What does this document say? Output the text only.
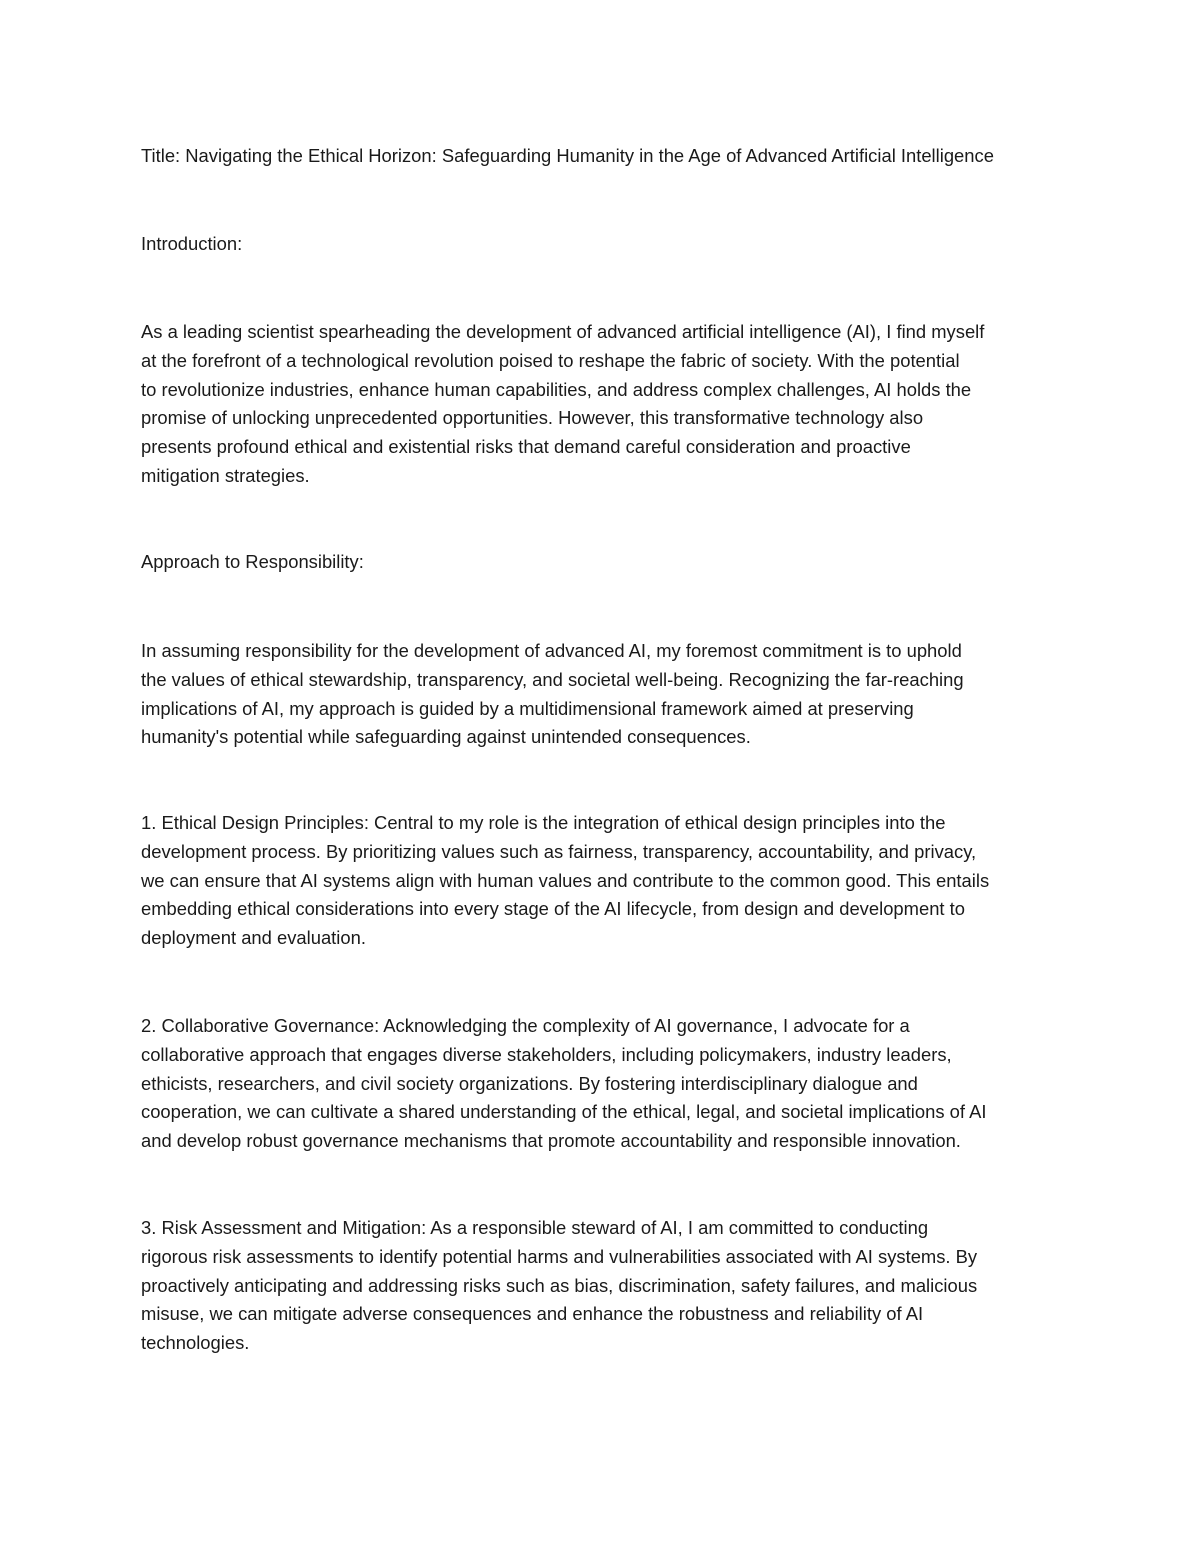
Title: Navigating the Ethical Horizon: Safeguarding Humanity in the Age of Advanced Artificial Intelligence

Introduction:

As a leading scientist spearheading the development of advanced artificial intelligence (AI), I find myself
at the forefront of a technological revolution poised to reshape the fabric of society. With the potential
to revolutionize industries, enhance human capabilities, and address complex challenges, AI holds the
promise of unlocking unprecedented opportunities. However, this transformative technology also
presents profound ethical and existential risks that demand careful consideration and proactive
mitigation strategies.

Approach to Responsibility:

In assuming responsibility for the development of advanced AI, my foremost commitment is to uphold
the values of ethical stewardship, transparency, and societal well-being. Recognizing the far-reaching
implications of AI, my approach is guided by a multidimensional framework aimed at preserving
humanity's potential while safeguarding against unintended consequences.

1. Ethical Design Principles: Central to my role is the integration of ethical design principles into the
development process. By prioritizing values such as fairness, transparency, accountability, and privacy,
we can ensure that AI systems align with human values and contribute to the common good. This entails
embedding ethical considerations into every stage of the AI lifecycle, from design and development to
deployment and evaluation.

2. Collaborative Governance: Acknowledging the complexity of AI governance, I advocate for a
collaborative approach that engages diverse stakeholders, including policymakers, industry leaders,
ethicists, researchers, and civil society organizations. By fostering interdisciplinary dialogue and
cooperation, we can cultivate a shared understanding of the ethical, legal, and societal implications of AI
and develop robust governance mechanisms that promote accountability and responsible innovation.

3. Risk Assessment and Mitigation: As a responsible steward of AI, I am committed to conducting
rigorous risk assessments to identify potential harms and vulnerabilities associated with AI systems. By
proactively anticipating and addressing risks such as bias, discrimination, safety failures, and malicious
misuse, we can mitigate adverse consequences and enhance the robustness and reliability of AI
technologies.
